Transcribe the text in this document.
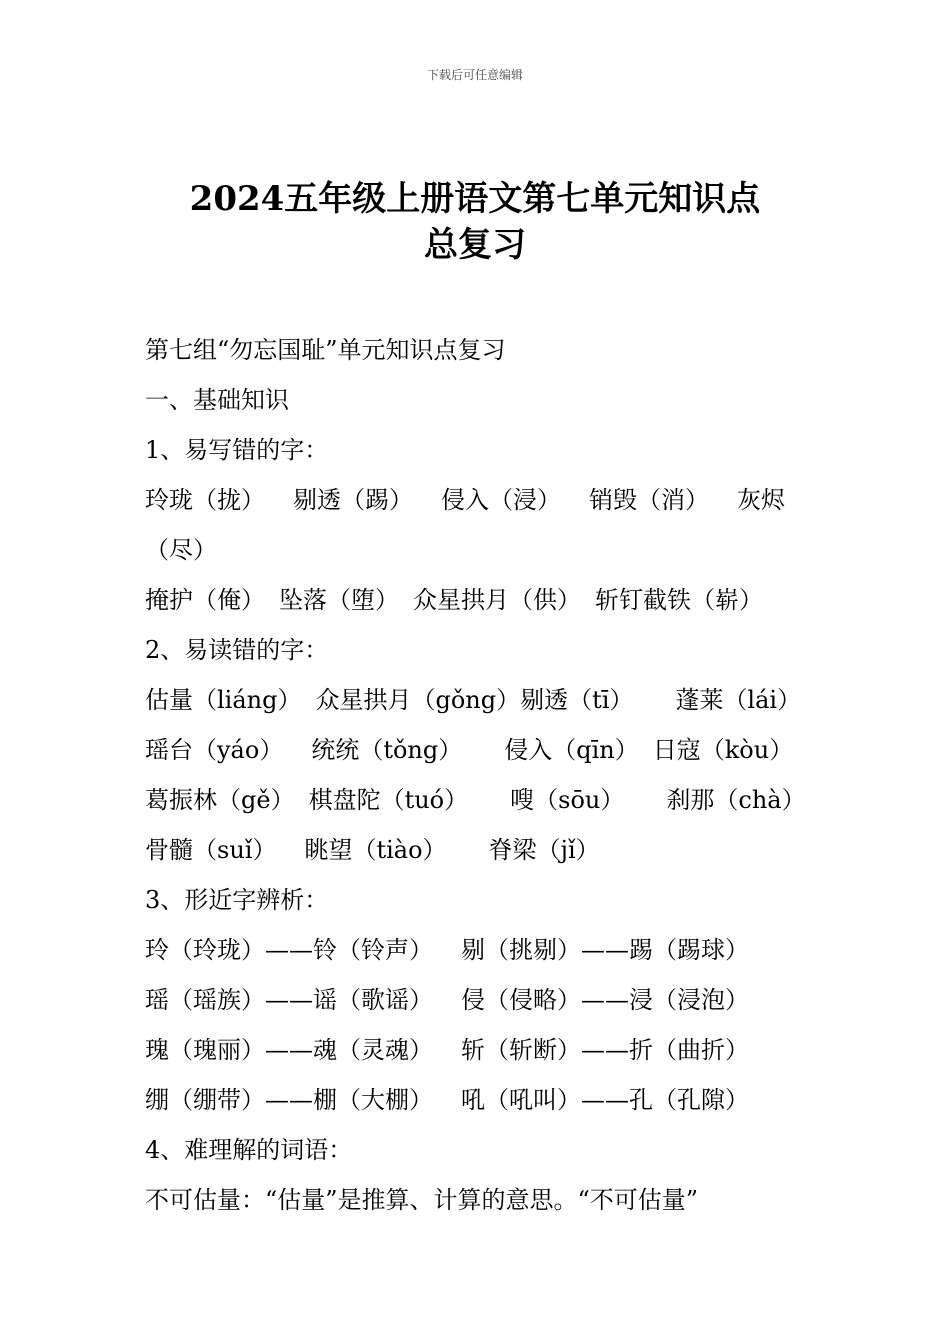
下载后可任意编辑
2024五年级上册语文第七单元知识点
总复习
第七组“勿忘国耻”单元知识点复习
一、基础知识
1、易写错的字：
玲珑（拢） 剔透（踢） 侵入（浸） 销毁（消） 灰烬
（尽）
掩护（俺） 坠落（堕） 众星拱月（供） 斩钉截铁（崭）
2、易读错的字：
估量（liáng） 众星拱月（gǒng）剔透（tī） 蓬莱（lái）
瑶台（yáo） 统统（tǒng） 侵入（qīn） 日寇（kòu）
葛振林（gě） 棋盘陀（tuó） 嗖（sōu） 刹那（chà）
骨髓（suǐ） 眺望（tiào） 脊梁（jǐ）
3、形近字辨析：
玲（玲珑）——铃（铃声） 剔（挑剔）——踢（踢球）
瑶（瑶族）——谣（歌谣） 侵（侵略）——浸（浸泡）
瑰（瑰丽）——魂（灵魂） 斩（斩断）——折（曲折）
绷（绷带）——棚（大棚） 吼（吼叫）——孔（孔隙）
4、难理解的词语：
不可估量：“估量”是推算、计算的意思。“不可估量”
